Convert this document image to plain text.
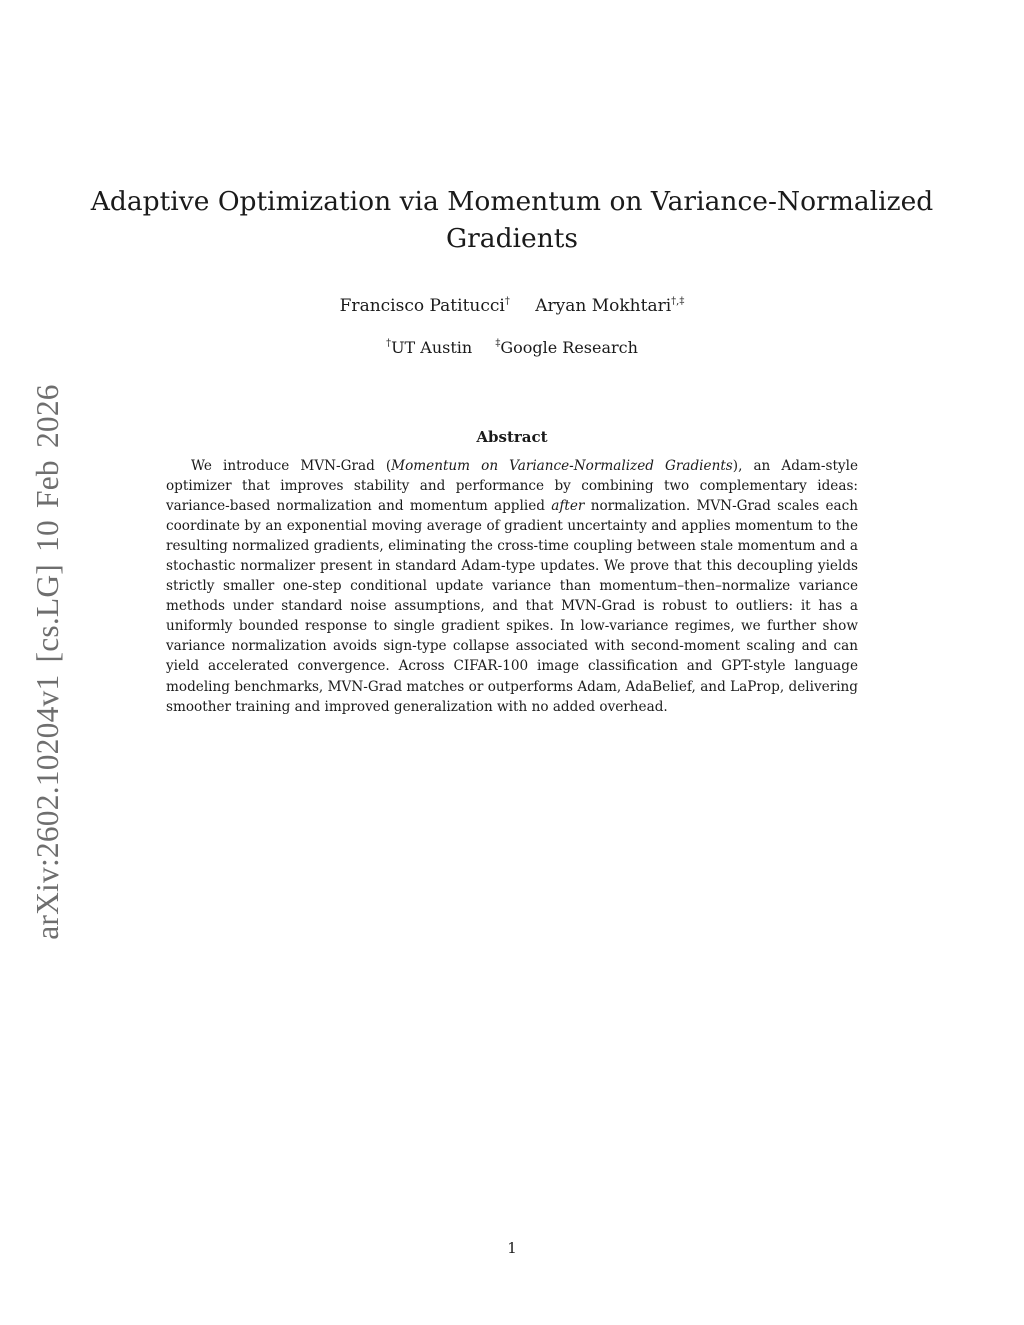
arXiv:2602.10204v1 [cs.LG] 10 Feb 2026
Adaptive Optimization via Momentum on Variance-Normalized
Gradients
Francisco Patitucci† Aryan Mokhtari†,‡
†UT Austin ‡Google Research
Abstract

We introduce MVN-Grad (Momentum on Variance-Normalized Gradients), an Adam-style optimizer that improves stability and performance by combining two complementary ideas: variance-based normalization and momentum applied after normalization. MVN-Grad scales each coordinate by an exponential moving average of gradient uncertainty and applies momentum to the resulting normalized gradients, eliminating the cross-time coupling between stale momentum and a stochastic normalizer present in standard Adam-type updates. We prove that this decoupling yields strictly smaller one-step conditional update variance than momentum–then–normalize variance methods under standard noise assumptions, and that MVN-Grad is robust to outliers: it has a uniformly bounded response to single gradient spikes. In low-variance regimes, we further show variance normalization avoids sign-type collapse associated with second-moment scaling and can yield accelerated convergence. Across CIFAR-100 image classification and GPT-style language modeling benchmarks, MVN-Grad matches or outperforms Adam, AdaBelief, and LaProp, delivering smoother training and improved generalization with no added overhead.

1
